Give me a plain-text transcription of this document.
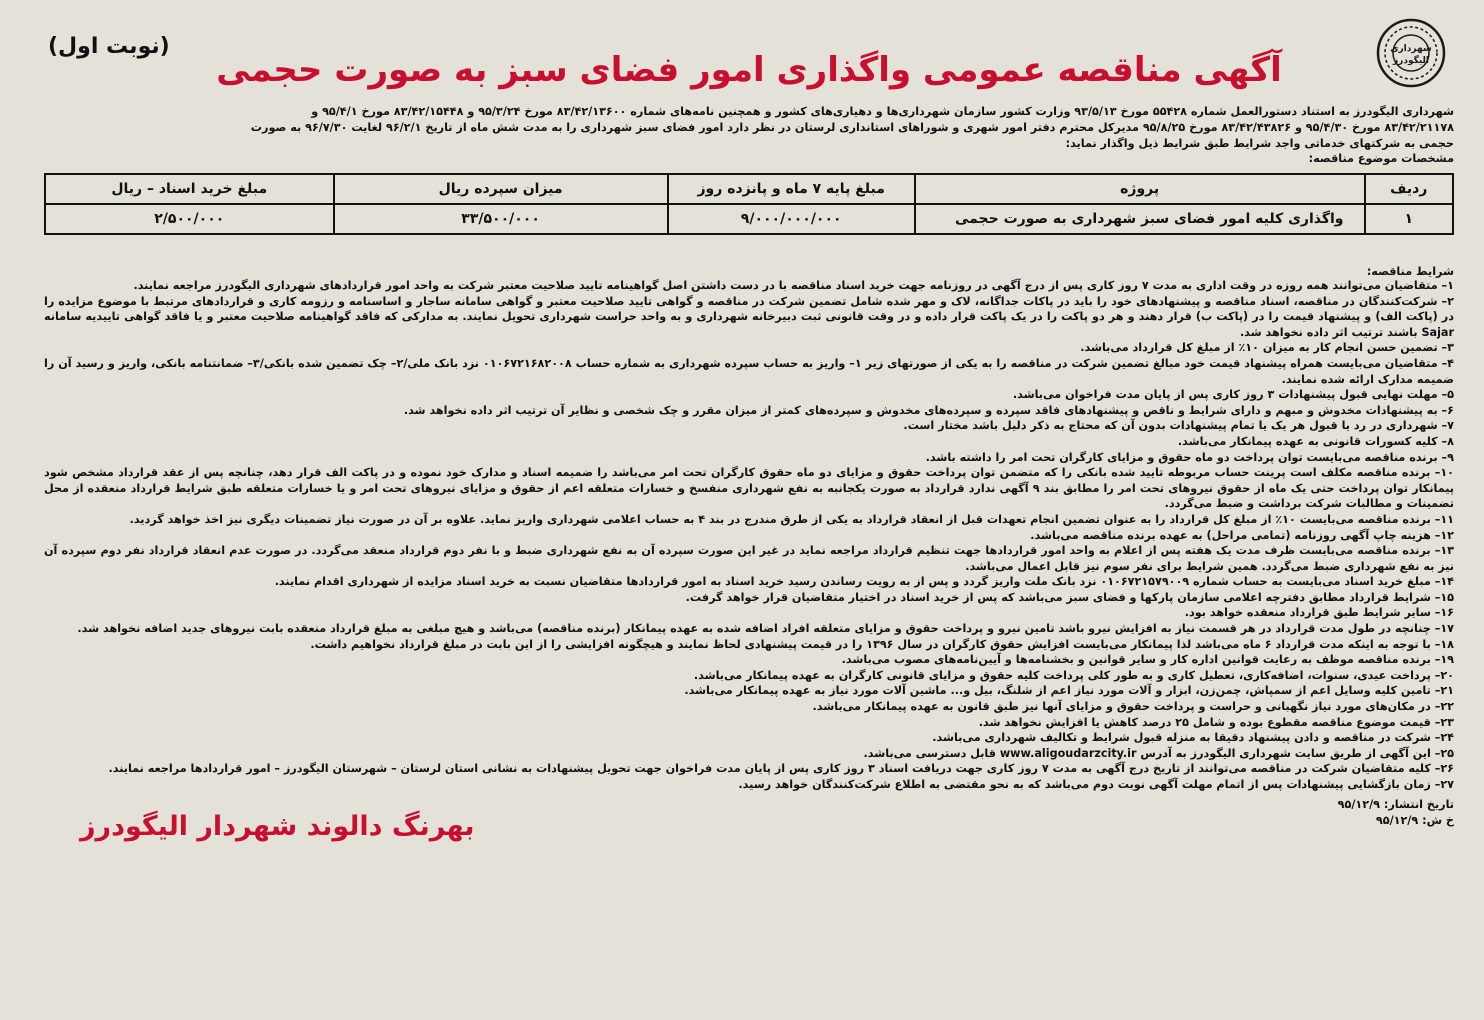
شهرداری
الیگودرز
(نوبت اول)
آگهی مناقصه عمومی واگذاری امور فضای سبز به صورت حجمی

شهرداری الیگودرز به استناد دستورالعمل شماره ۵۵۴۲۸ مورخ ۹۳/۵/۱۳ وزارت کشور سازمان شهرداری‌ها و دهیاری‌های کشور و همچنین نامه‌های شماره ۸۳/۴۲/۱۳۶۰۰ مورخ ۹۵/۳/۲۴ و ۸۳/۴۲/۱۵۴۴۸ مورخ ۹۵/۴/۱ و

۸۳/۴۲/۲۱۱۷۸ مورخ ۹۵/۴/۳۰ و ۸۳/۴۲/۴۳۸۲۶ مورخ ۹۵/۸/۲۵ مدیرکل محترم دفتر امور شهری و شوراهای استانداری لرستان در نظر دارد امور فضای سبز شهرداری را به مدت شش ماه از تاریخ ۹۶/۲/۱ لغایت ۹۶/۷/۳۰ به صورت

حجمی به شرکتهای خدماتی واجد شرایط طبق شرایط ذیل واگذار نماید:

مشخصات موضوع مناقصه:
ردیف	پروژه	مبلغ پایه ۷ ماه و پانزده روز	میزان سپرده ریال	مبلغ خرید اسناد – ریال
۱	واگذاری کلیه امور فضای سبز شهرداری به صورت حجمی	۹/۰۰۰/۰۰۰/۰۰۰	۳۳/۵۰۰/۰۰۰	۲/۵۰۰/۰۰۰
شرایط مناقصه:
۱– متقاضیان می‌توانند همه روزه در وقت اداری به مدت ۷ روز کاری پس از درج آگهی در روزنامه جهت خرید اسناد مناقصه با در دست داشتن اصل گواهینامه تایید صلاحیت معتبر شرکت به واحد امور قراردادهای شهرداری الیگودرز مراجعه نمایند.
۲– شرکت‌کنندگان در مناقصه، اسناد مناقصه و پیشنهادهای خود را باید در پاکات جداگانه، لاک و مهر شده شامل تضمین شرکت در مناقصه و گواهی تایید صلاحیت معتبر و گواهی سامانه ساجار و اساسنامه و رزومه کاری و قراردادهای مرتبط با موضوع مزایده را در (پاکت الف) و پیشنهاد قیمت را در (پاکت ب) قرار دهند و هر دو پاکت را در یک پاکت قرار داده و در وقت قانونی ثبت دبیرخانه شهرداری و به واحد حراست شهرداری تحویل نمایند. به مدارکی که فاقد گواهینامه صلاحیت معتبر و یا فاقد گواهی تاییدیه سامانه Sajar باشند ترتیب اثر داده نخواهد شد.
۳– تضمین حسن انجام کار به میزان ۱۰٪ از مبلغ کل قرارداد می‌باشد.
۴– متقاضیان می‌بایست همراه پیشنهاد قیمت خود مبالغ تضمین شرکت در مناقصه را به یکی از صورتهای زیر ۱– واریز به حساب سپرده شهرداری به شماره حساب ۰۱۰۶۷۲۱۶۸۲۰۰۸ نزد بانک ملی/۲– چک تضمین شده بانکی/۳– ضمانتنامه بانکی، واریز و رسید آن را ضمیمه مدارک ارائه شده نمایند.
۵– مهلت نهایی قبول پیشنهادات ۳ روز کاری پس از پایان مدت فراخوان می‌باشد.
۶– به پیشنهادات مخدوش و مبهم و دارای شرایط و ناقص و پیشنهادهای فاقد سپرده و سپرده‌های مخدوش و سپرده‌های کمتر از میزان مقرر و چک شخصی و نظایر آن ترتیب اثر داده نخواهد شد.
۷– شهرداری در رد یا قبول هر یک یا تمام پیشنهادات بدون آن که محتاج به ذکر دلیل باشد مختار است.
۸– کلیه کسورات قانونی به عهده پیمانکار می‌باشد.
۹– برنده مناقصه می‌بایست توان پرداخت دو ماه حقوق و مزایای کارگران تحت امر را داشته باشد.
۱۰– برنده مناقصه مکلف است پرینت حساب مربوطه تایید شده بانکی را که متضمن توان پرداخت حقوق و مزایای دو ماه حقوق کارگران تحت امر می‌باشد را ضمیمه اسناد و مدارک خود نموده و در پاکت الف قرار دهد، چنانچه پس از عقد قرارداد مشخص شود پیمانکار توان پرداخت حتی یک ماه از حقوق نیروهای تحت امر را مطابق بند ۹ آگهی ندارد قرارداد به صورت یکجانبه به نفع شهرداری منفسخ و خسارات متعلقه اعم از حقوق و مزایای نیروهای تحت امر و یا خسارات متعلقه طبق شرایط قرارداد منعقده از محل تضمینات و مطالبات شرکت برداشت و ضبط می‌گردد.
۱۱– برنده مناقصه می‌بایست ۱۰٪ از مبلغ کل قرارداد را به عنوان تضمین انجام تعهدات قبل از انعقاد قرارداد به یکی از طرق مندرج در بند ۴ به حساب اعلامی شهرداری واریز نماید. علاوه بر آن در صورت نیاز تضمینات دیگری نیز اخذ خواهد گردید.
۱۲– هزینه چاپ آگهی روزنامه (تمامی مراحل) به عهده برنده مناقصه می‌باشد.
۱۳– برنده مناقصه می‌بایست ظرف مدت یک هفته پس از اعلام به واحد امور قراردادها جهت تنظیم قرارداد مراجعه نماید در غیر این صورت سپرده آن به نفع شهرداری ضبط و با نفر دوم قرارداد منعقد می‌گردد. در صورت عدم انعقاد قرارداد نفر دوم سپرده آن نیز به نفع شهرداری ضبط می‌گردد. همین شرایط برای نفر سوم نیز قابل اعمال می‌باشد.
۱۴– مبلغ خرید اسناد می‌بایست به حساب شماره ۰۱۰۶۷۲۱۵۷۹۰۰۹ نزد بانک ملت واریز گردد و پس از به رویت رساندن رسید خرید اسناد به امور قراردادها متقاضیان نسبت به خرید اسناد مزایده از شهرداری اقدام نمایند.
۱۵– شرایط قرارداد مطابق دفترچه اعلامی سازمان پارکها و فضای سبز می‌باشد که پس از خرید اسناد در اختیار متقاضیان قرار خواهد گرفت.
۱۶– سایر شرایط طبق قرارداد منعقده خواهد بود.
۱۷– چنانچه در طول مدت قرارداد در هر قسمت نیاز به افزایش نیرو باشد تامین نیرو و پرداخت حقوق و مزایای متعلقه افراد اضافه شده به عهده پیمانکار (برنده مناقصه) می‌باشد و هیچ مبلغی به مبلغ قرارداد منعقده بابت نیروهای جدید اضافه نخواهد شد.
۱۸– با توجه به اینکه مدت قرارداد ۶ ماه می‌باشد لذا پیمانکار می‌بایست افزایش حقوق کارگران در سال ۱۳۹۶ را در قیمت پیشنهادی لحاظ نمایند و هیچگونه افزایشی را از این بابت در مبلغ قرارداد نخواهیم داشت.
۱۹– برنده مناقصه موظف به رعایت قوانین اداره کار و سایر قوانین و بخشنامه‌ها و آیین‌نامه‌های مصوب می‌باشد.
۲۰– پرداخت عیدی، سنوات، اضافه‌کاری، تعطیل کاری و به طور کلی پرداخت کلیه حقوق و مزایای قانونی کارگران به عهده پیمانکار می‌باشد.
۲۱– تامین کلیه وسایل اعم از سمپاش، چمن‌زن، ابزار و آلات مورد نیاز اعم از شلنگ، بیل و... ماشین آلات مورد نیاز به عهده پیمانکار می‌باشد.
۲۲– در مکان‌های مورد نیاز نگهبانی و حراست و پرداخت حقوق و مزایای آنها نیز طبق قانون به عهده پیمانکار می‌باشد.
۲۳– قیمت موضوع مناقصه مقطوع بوده و شامل ۲۵ درصد کاهش یا افزایش نخواهد شد.
۲۴– شرکت در مناقصه و دادن پیشنهاد دقیقا به منزله قبول شرایط و تکالیف شهرداری می‌باشد.
۲۵– این آگهی از طریق سایت شهرداری الیگودرز به آدرس www.aligoudarzcity.ir قابل دسترسی می‌باشد.
۲۶– کلیه متقاضیان شرکت در مناقصه می‌توانند از تاریخ درج آگهی به مدت ۷ روز کاری جهت دریافت اسناد ۳ روز کاری پس از پایان مدت فراخوان جهت تحویل پیشنهادات به نشانی استان لرستان – شهرستان الیگودرز – امور قراردادها مراجعه نمایند.
۲۷– زمان بازگشایی پیشنهادات پس از اتمام مهلت آگهی نوبت دوم می‌باشد که به نحو مقتضی به اطلاع شرکت‌کنندگان خواهد رسید.
تاریخ انتشار: ۹۵/۱۲/۹
خ ش: ۹۵/۱۲/۹
بهرنگ دالوند شهردار الیگودرز
